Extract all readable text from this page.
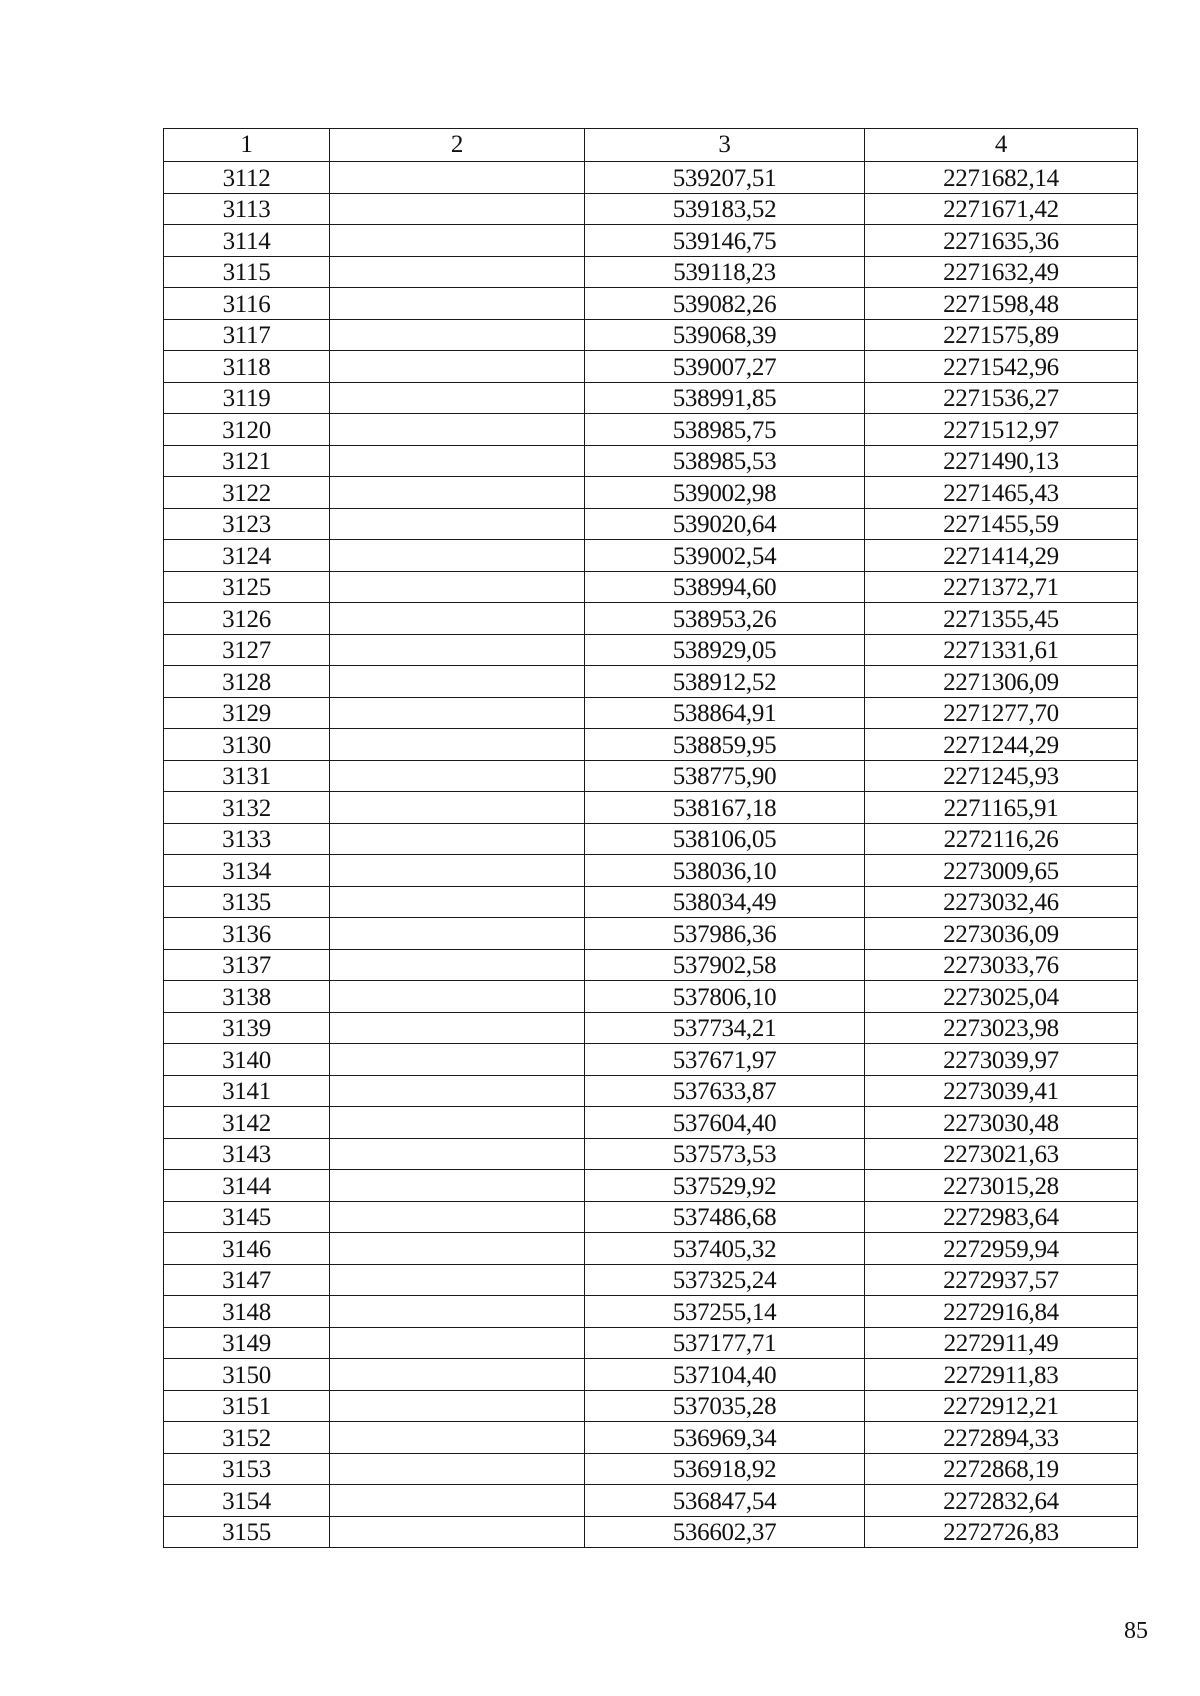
1	2	3	4
3112		539207,51	2271682,14
3113		539183,52	2271671,42
3114		539146,75	2271635,36
3115		539118,23	2271632,49
3116		539082,26	2271598,48
3117		539068,39	2271575,89
3118		539007,27	2271542,96
3119		538991,85	2271536,27
3120		538985,75	2271512,97
3121		538985,53	2271490,13
3122		539002,98	2271465,43
3123		539020,64	2271455,59
3124		539002,54	2271414,29
3125		538994,60	2271372,71
3126		538953,26	2271355,45
3127		538929,05	2271331,61
3128		538912,52	2271306,09
3129		538864,91	2271277,70
3130		538859,95	2271244,29
3131		538775,90	2271245,93
3132		538167,18	2271165,91
3133		538106,05	2272116,26
3134		538036,10	2273009,65
3135		538034,49	2273032,46
3136		537986,36	2273036,09
3137		537902,58	2273033,76
3138		537806,10	2273025,04
3139		537734,21	2273023,98
3140		537671,97	2273039,97
3141		537633,87	2273039,41
3142		537604,40	2273030,48
3143		537573,53	2273021,63
3144		537529,92	2273015,28
3145		537486,68	2272983,64
3146		537405,32	2272959,94
3147		537325,24	2272937,57
3148		537255,14	2272916,84
3149		537177,71	2272911,49
3150		537104,40	2272911,83
3151		537035,28	2272912,21
3152		536969,34	2272894,33
3153		536918,92	2272868,19
3154		536847,54	2272832,64
3155		536602,37	2272726,83
85
